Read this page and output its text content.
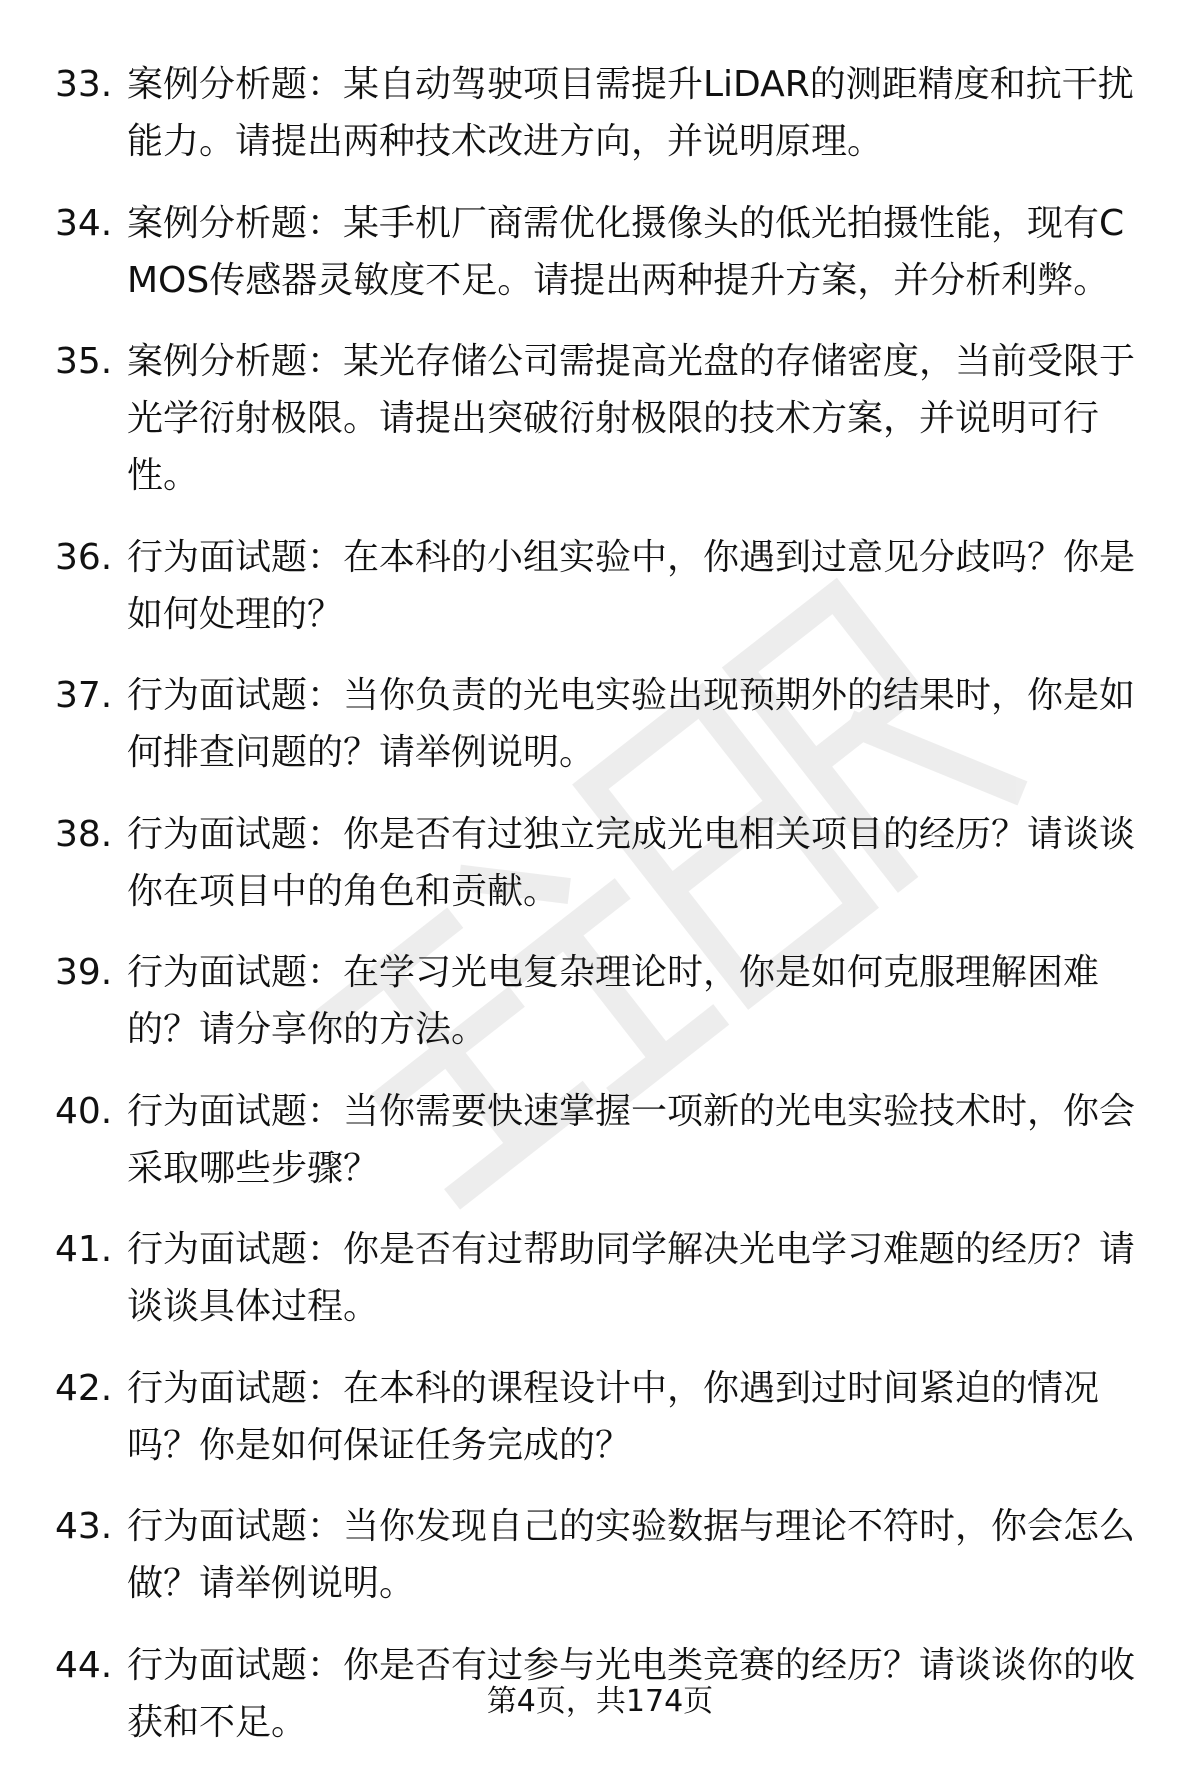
33. 案例分析题：某自动驾驶项目需提升LiDAR的测距精度和抗干扰能力。请提出两种技术改进方向，并说明原理。
34. 案例分析题：某手机厂商需优化摄像头的低光拍摄性能，现有CMOS传感器灵敏度不足。请提出两种提升方案，并分析利弊。
35. 案例分析题：某光存储公司需提高光盘的存储密度，当前受限于光学衍射极限。请提出突破衍射极限的技术方案，并说明可行性。
36. 行为面试题：在本科的小组实验中，你遇到过意见分歧吗？你是如何处理的？
37. 行为面试题：当你负责的光电实验出现预期外的结果时，你是如何排查问题的？请举例说明。
38. 行为面试题：你是否有过独立完成光电相关项目的经历？请谈谈你在项目中的角色和贡献。
39. 行为面试题：在学习光电复杂理论时，你是如何克服理解困难的？请分享你的方法。
40. 行为面试题：当你需要快速掌握一项新的光电实验技术时，你会采取哪些步骤？
41. 行为面试题：你是否有过帮助同学解决光电学习难题的经历？请谈谈具体过程。
42. 行为面试题：在本科的课程设计中，你遇到过时间紧迫的情况吗？你是如何保证任务完成的？
43. 行为面试题：当你发现自己的实验数据与理论不符时，你会怎么做？请举例说明。
44. 行为面试题：你是否有过参与光电类竞赛的经历？请谈谈你的收获和不足。	第4页，共174页
